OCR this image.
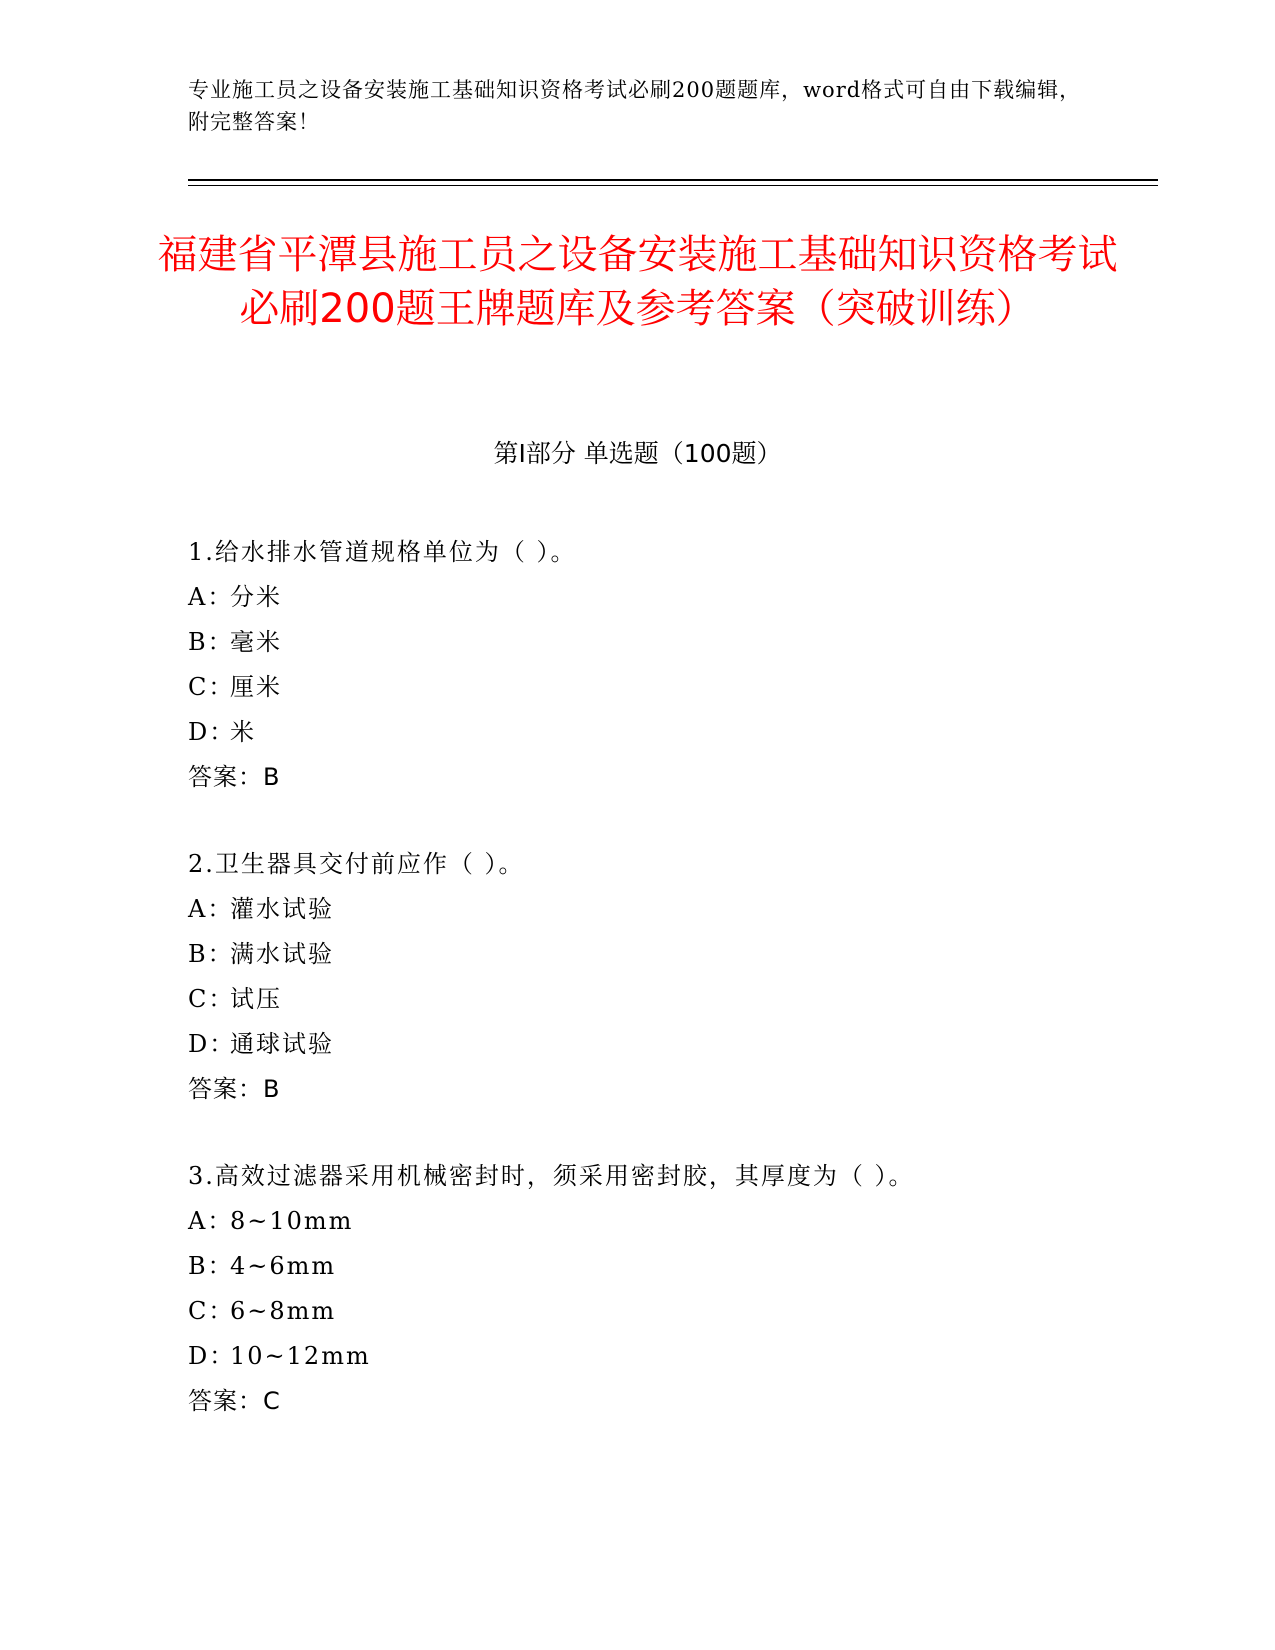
专业施工员之设备安装施工基础知识资格考试必刷200题题库，word格式可自由下载编辑，附完整答案！
福建省平潭县施工员之设备安装施工基础知识资格考试必刷200题王牌题库及参考答案（突破训练）
第Ⅰ部分 单选题（100题）
1.给水排水管道规格单位为（ ）。
A：分米
B：毫米
C：厘米
D：米
答案：B
2.卫生器具交付前应作（ ）。
A：灌水试验
B：满水试验
C：试压
D：通球试验
答案：B
3.高效过滤器采用机械密封时，须采用密封胶，其厚度为（ ）。
A：8~10mm
B：4~6mm
C：6~8mm
D：10~12mm
答案：C
